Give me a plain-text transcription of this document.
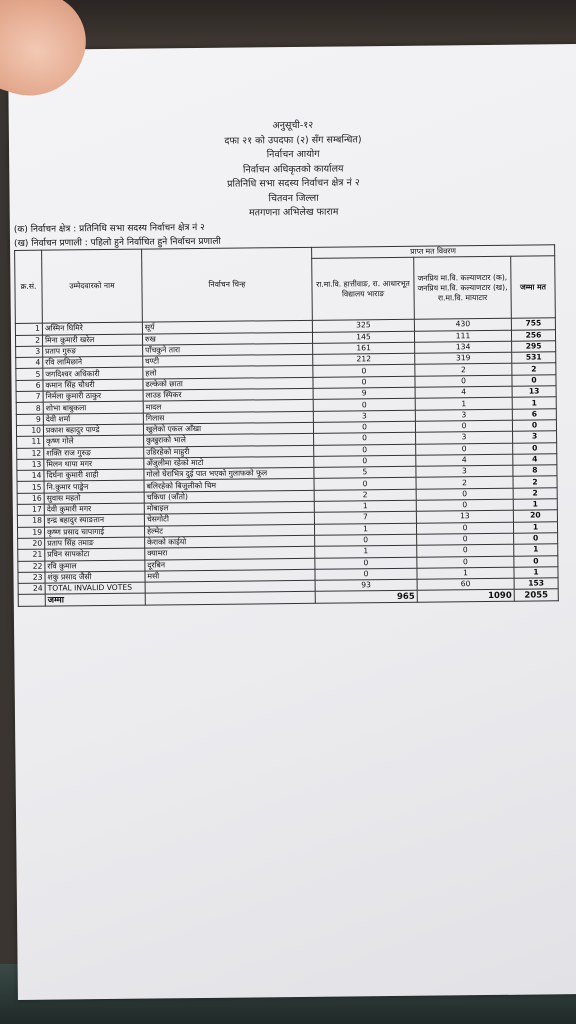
अनुसूची-१२
दफा २१ को उपदफा (२) सँग सम्बन्धित)
निर्वाचन आयोग
निर्वाचन अधिकृतको कार्यालय
प्रतिनिधि सभा सदस्य निर्वाचन क्षेत्र नं २
चितवन जिल्ला
मतगणना अभिलेख फाराम
(क) निर्वाचन क्षेत्र : प्रतिनिधि सभा सदस्य निर्वाचन क्षेत्र नं २
(ख) निर्वाचन प्रणाली : पहिलो हुने निर्वाचित हुने निर्वाचन प्रणाली
क्र.सं.	उम्मेदवारको नाम	निर्वाचन चिन्ह	प्राप्त मत विवरण		
			रा.मा.वि. हात्तीवाङ, रा. आधारभूत विद्यालय भाराङ	जनप्रिय मा.वि. कल्याणटार (क), जनप्रिय मा.वि. कल्याणटार (ख), रा.मा.वि. मायाटार	जम्मा मत
1	अस्मिन घिमिरे	सूर्य	325	430	755
2	मिना कुमारी खरेल	रुख	145	111	256
3	प्रताप गुरुङ	पाँचकुने तारा	161	134	295
4	रवि लामिछाने	घण्टी	212	319	531
5	जगदिश्वर अधिकारी	हलो	0	2	2
6	कमान सिंह चौधरी	ढल्केको छाता	0	0	0
7	निर्मला कुमारी ठाकुर	लाउड स्पिकर	9	4	13
8	शोभा बाबुकला	मादल	0	1	1
9	देवी शर्मा	गिलास	3	3	6
10	प्रकाश बहादुर पाण्डे	खुलेको एकल आँखा	0	0	0
11	कृष्ण गोले	कुखुराको भाले	0	3	3
12	शक्ति राज गुरुङ	उडिरहेको माहुरी	0	0	0
13	मिलन थापा मगर	अँजुलीमा रहेको माटो	0	4	4
14	दिर्घना कुमारी शाही	गोलो घेराभित्र दुई पात भएको गुलाफको फूल	5	3	8
15	नि.कुमार पाङ्खेन	बलिरहेको बिजुलीको चिम	0	2	2
16	सुवास महतो	चकिया (जाँतो)	2	0	2
17	देवी कुमारी मगर	मोबाइल	1	0	1
18	इन्द्र बहादुर स्याङतान	चेसगोटी	7	13	20
19	कृष्ण प्रसाद चापागाई	हेल्मेट	1	0	1
20	प्रताप सिंह तमाङ	केराको काईयो	0	0	0
21	प्रविन सापकोटा	क्यामरा	1	0	1
22	रवि कुमाल	दूरबिन	0	0	0
23	शंकु प्रसाद जैसी	मसी	0	1	1
24	TOTAL INVALID VOTES		93	60	153
	जम्मा		965	1090	2055
